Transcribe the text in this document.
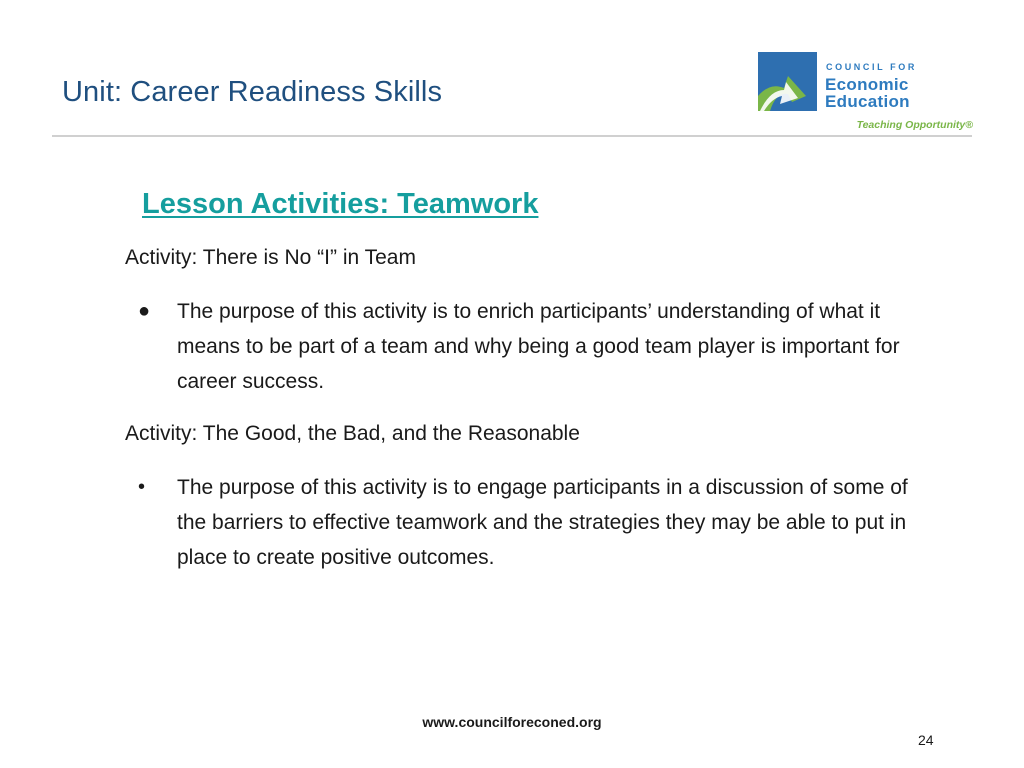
Unit: Career Readiness Skills
COUNCIL FOR
Economic
Education
Teaching Opportunity®
Lesson Activities: Teamwork
Activity: There is No “I” in Team
● The purpose of this activity is to enrich participants’ understanding of what it means to be part of a team and why being a good team player is important for career success.
Activity: The Good, the Bad, and the Reasonable
• The purpose of this activity is to engage participants in a discussion of some of the barriers to effective teamwork and the strategies they may be able to put in place to create positive outcomes.
www.councilforeconed.org
24
